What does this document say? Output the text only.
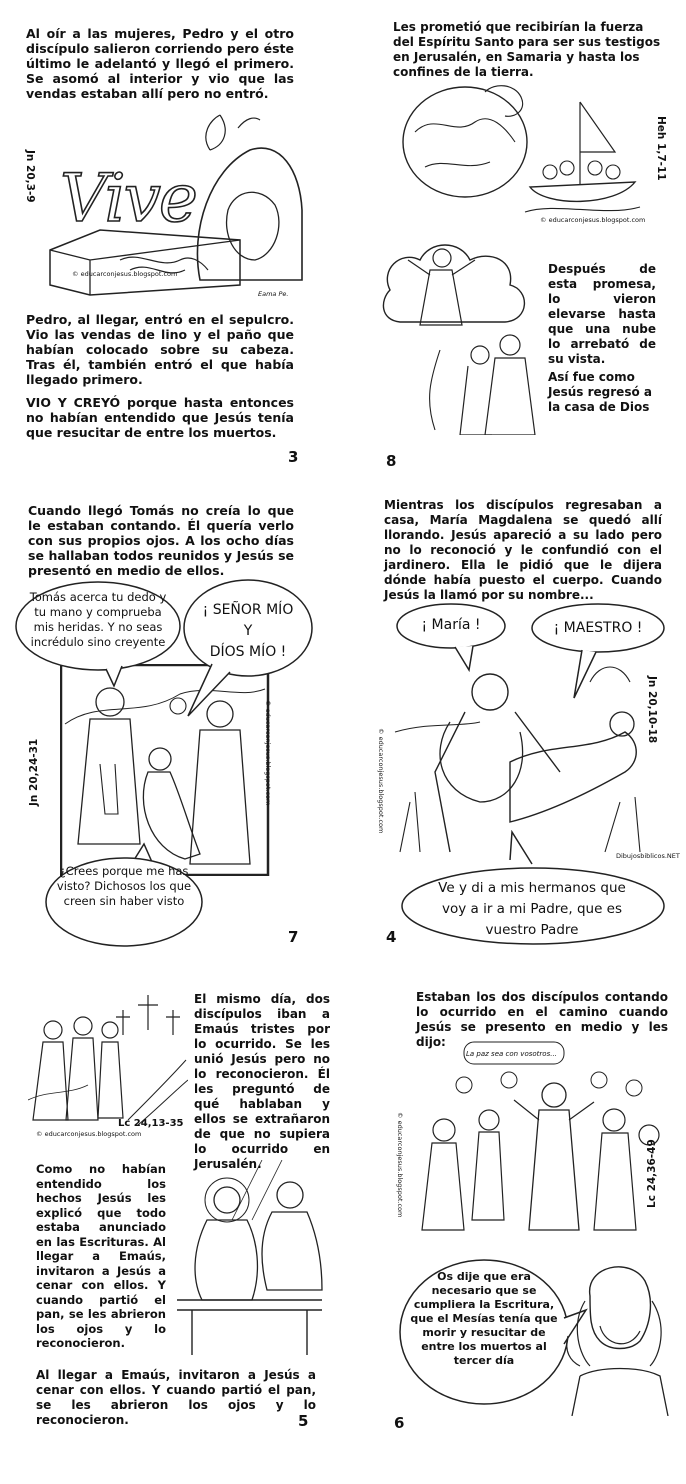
Al oír a las mujeres, Pedro y el otro discípulo salieron corriendo pero éste último le adelantó y llegó el primero. Se asomó al interior y vio que las vendas estaban allí pero no entró.
Jn 20,3-9 Vive
© educarconjesus.blogspot.com
Eama Pe.
Pedro, al llegar, entró en el sepulcro. Vio las vendas de lino y el paño que habían colocado sobre su cabeza. Tras él, también entró el que había llegado primero.
VIO Y CREYÓ porque hasta entonces no habían entendido que Jesús tenía que resucitar de entre los muertos.
3
Les prometió que recibirían la fuerza del Espíritu Santo para ser sus testigos en Jerusalén, en Samaria y hasta los confines de la tierra.
Heh 1,7-11
© educarconjesus.blogspot.com
Después de esta promesa, lo vieron elevarse hasta que una nube lo arrebató de su vista.
Así fue como Jesús regresó a la casa de Dios
8
Cuando llegó Tomás no creía lo que le estaban contando. Él quería verlo con sus propios ojos. A los ocho días se hallaban todos reunidos y Jesús se presentó en medio de ellos.
Tomás acerca tu dedo y tu mano y comprueba mis heridas. Y no seas incrédulo sino creyente
¡ SEÑOR MÍO
Y
DÍOS MÍO !
Jn 20,24-31	© educarconjesus.blogspot.com
¿Crees porque me has visto? Dichosos los que creen sin haber visto
7
Mientras los discípulos regresaban a casa, María Magdalena se quedó allí llorando. Jesús apareció a su lado pero no lo reconoció y le confundió con el jardinero. Ella le pidió que le dijera dónde había puesto el cuerpo. Cuando Jesús la llamó por su nombre...
¡ María !	¡ MAESTRO !
Jn 20,10-18
© educarconjesus.blogspot.com
Dibujosbiblicos.NET
Ve y di a mis hermanos que
voy a ir a mi Padre, que es
vuestro Padre
4
Lc 24,13-35
© educarconjesus.blogspot.com
El mismo día, dos discípulos iban a Emaús tristes por lo ocurrido. Se les unió Jesús pero no lo reconocieron. Él les preguntó de qué hablaban y ellos se extrañaron de que no supiera lo ocurrido en Jerusalén.
Como no habían entendido los hechos Jesús les explicó que todo estaba anunciado en las Escrituras. Al llegar a Emaús, invitaron a Jesús a cenar con ellos. Y cuando partió el pan, se les abrieron los ojos y lo reconocieron.
Al llegar a Emaús, invitaron a Jesús a cenar con ellos. Y cuando partió el pan, se les abrieron los ojos y lo reconocieron.	5
Estaban los dos discípulos contando lo ocurrido en el camino cuando Jesús se presento en medio y les dijo:
La paz sea con vosotros...
© educarconjesus.blogspot.com	Lc 24,36-49
Os dije que era necesario que se cumpliera la Escritura, que el Mesías tenía que morir y resucitar de entre los muertos al tercer día
6
